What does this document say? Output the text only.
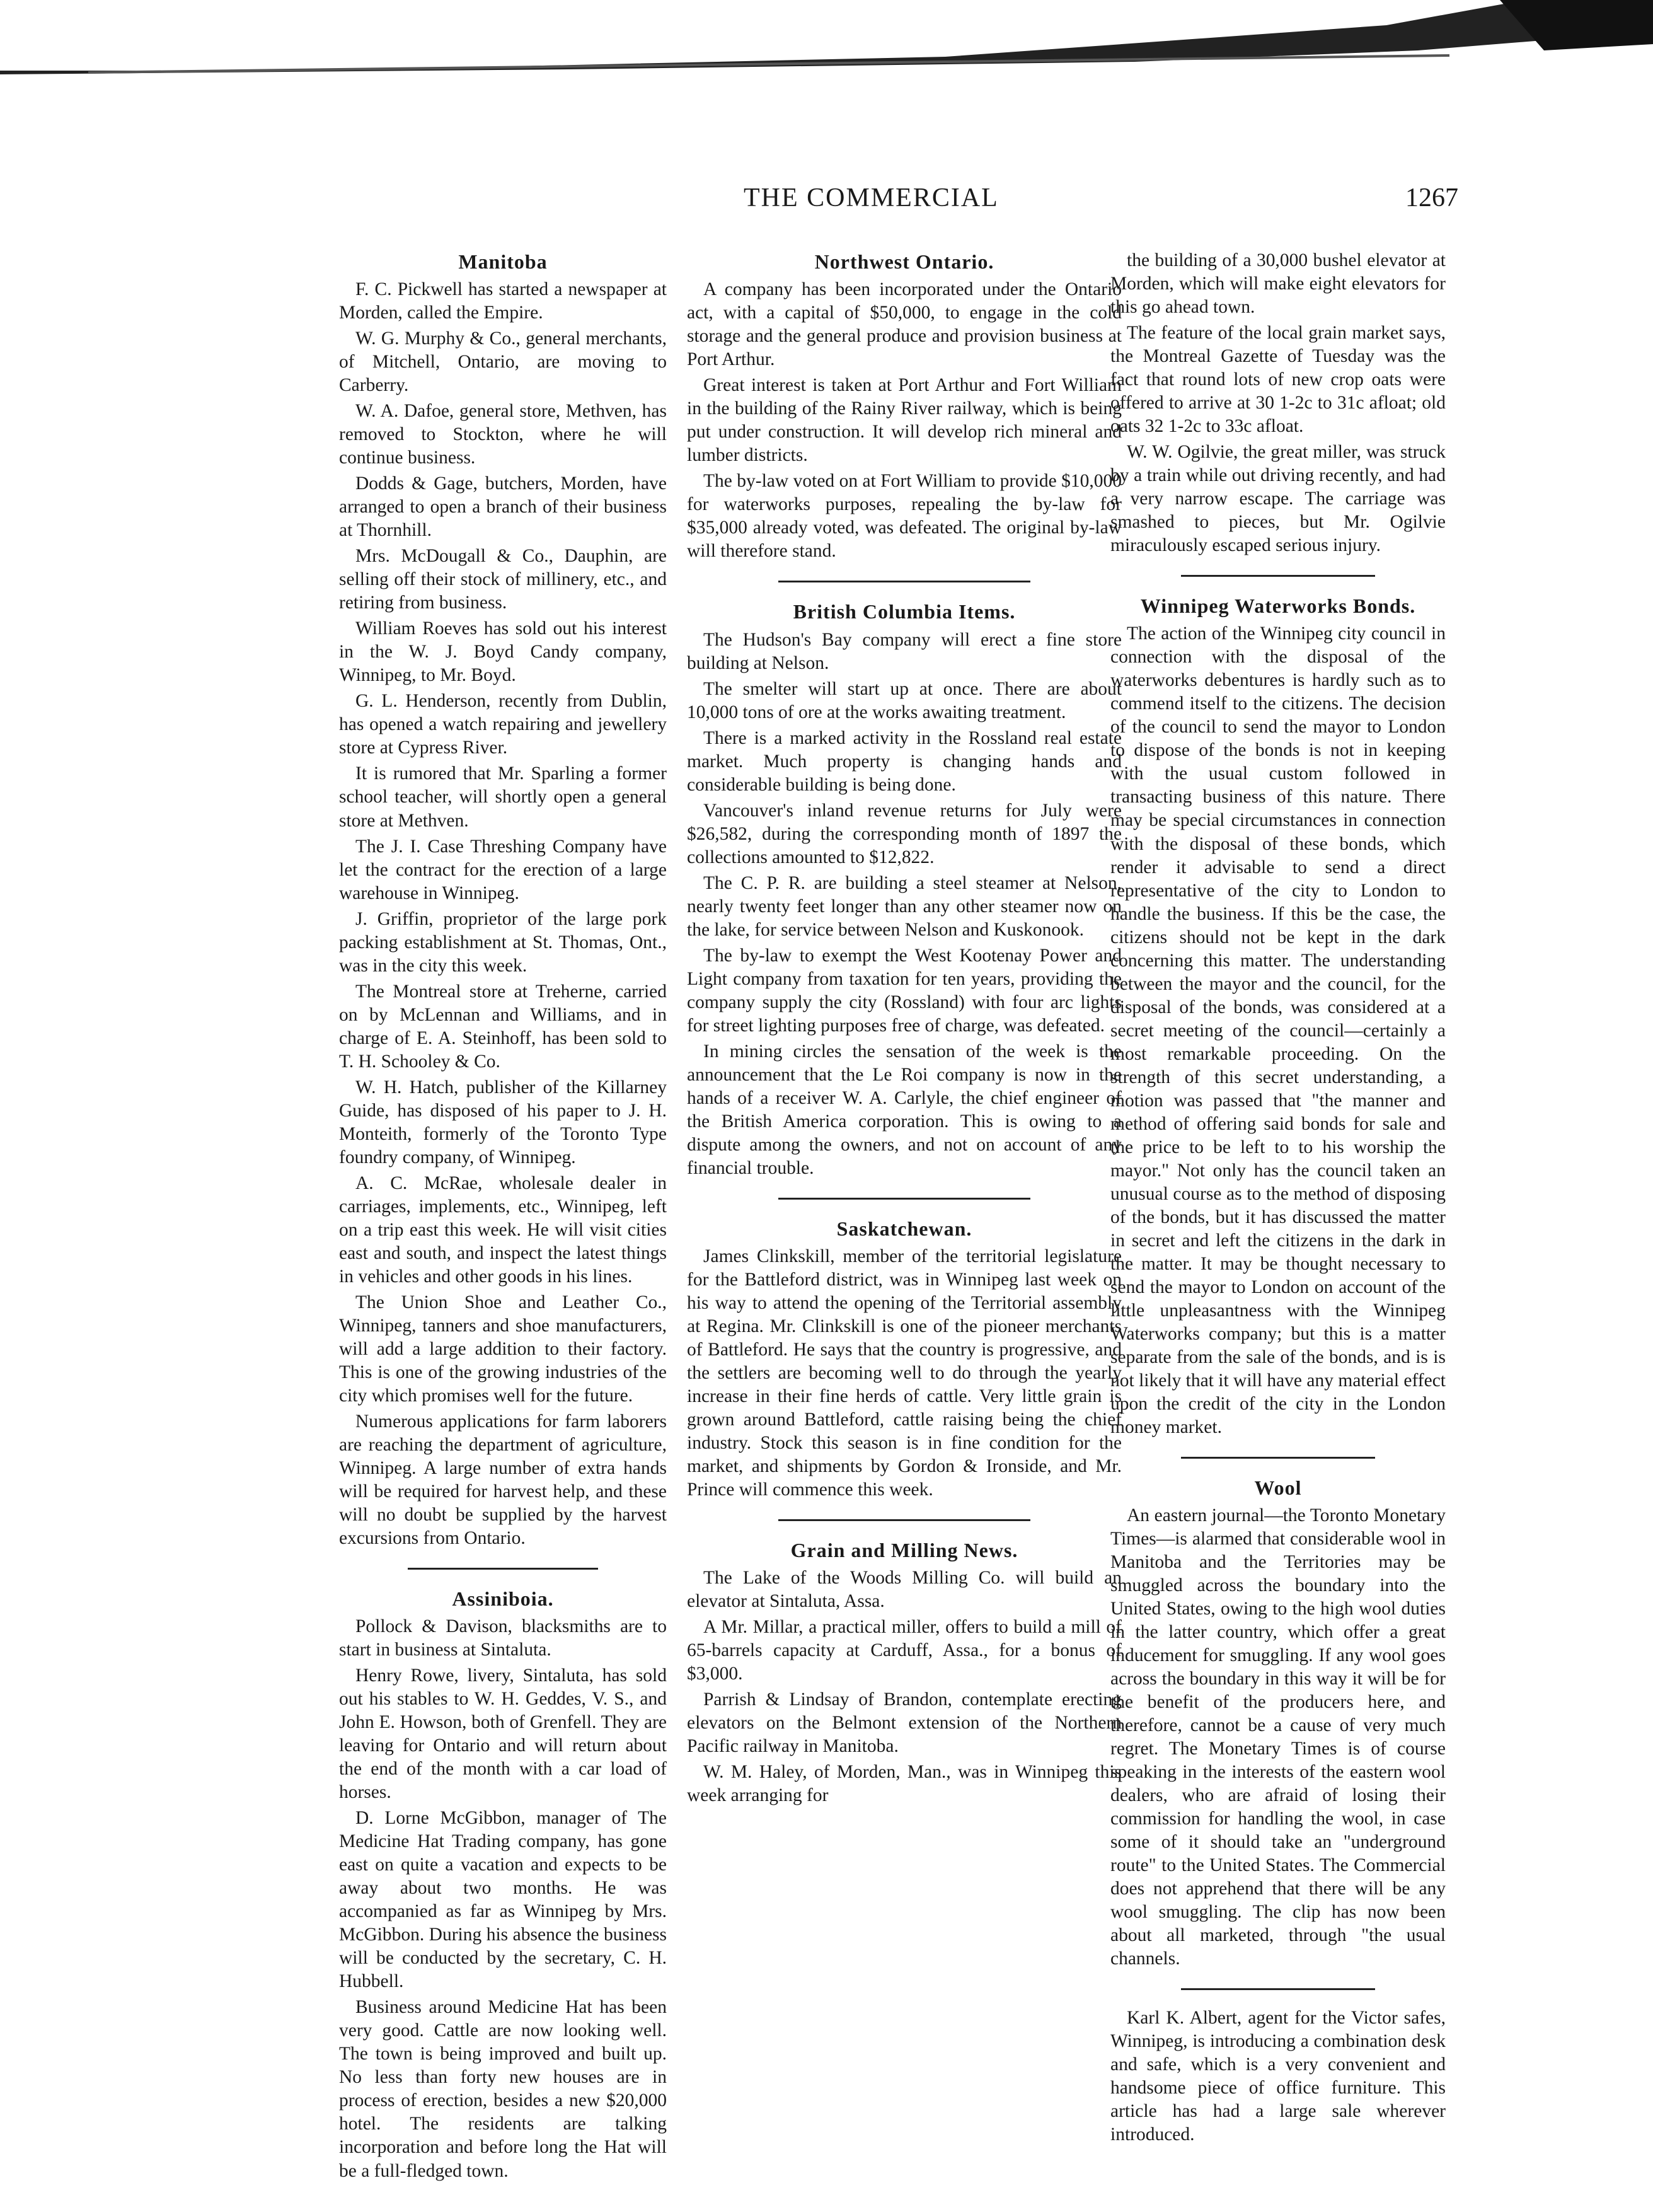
THE COMMERCIAL	1267
Manitoba

F. C. Pickwell has started a newspaper at Morden, called the Empire.

W. G. Murphy & Co., general merchants, of Mitchell, Ontario, are moving to Carberry.

W. A. Dafoe, general store, Methven, has removed to Stockton, where he will continue business.

Dodds & Gage, butchers, Morden, have arranged to open a branch of their business at Thornhill.

Mrs. McDougall & Co., Dauphin, are selling off their stock of millinery, etc., and retiring from business.

William Roeves has sold out his interest in the W. J. Boyd Candy company, Winnipeg, to Mr. Boyd.

G. L. Henderson, recently from Dublin, has opened a watch repairing and jewellery store at Cypress River.

It is rumored that Mr. Sparling a former school teacher, will shortly open a general store at Methven.

The J. I. Case Threshing Company have let the contract for the erection of a large warehouse in Winnipeg.

J. Griffin, proprietor of the large pork packing establishment at St. Thomas, Ont., was in the city this week.

The Montreal store at Treherne, carried on by McLennan and Williams, and in charge of E. A. Steinhoff, has been sold to T. H. Schooley & Co.

W. H. Hatch, publisher of the Killarney Guide, has disposed of his paper to J. H. Monteith, formerly of the Toronto Type foundry company, of Winnipeg.

A. C. McRae, wholesale dealer in carriages, implements, etc., Winnipeg, left on a trip east this week. He will visit cities east and south, and inspect the latest things in vehicles and other goods in his lines.

The Union Shoe and Leather Co., Winnipeg, tanners and shoe manufacturers, will add a large addition to their factory. This is one of the growing industries of the city which promises well for the future.

Numerous applications for farm laborers are reaching the department of agriculture, Winnipeg. A large number of extra hands will be required for harvest help, and these will no doubt be supplied by the harvest excursions from Ontario.

Assiniboia.

Pollock & Davison, blacksmiths are to start in business at Sintaluta.

Henry Rowe, livery, Sintaluta, has sold out his stables to W. H. Geddes, V. S., and John E. Howson, both of Grenfell. They are leaving for Ontario and will return about the end of the month with a car load of horses.

D. Lorne McGibbon, manager of The Medicine Hat Trading company, has gone east on quite a vacation and expects to be away about two months. He was accompanied as far as Winnipeg by Mrs. McGibbon. During his absence the business will be conducted by the secretary, C. H. Hubbell.

Business around Medicine Hat has been very good. Cattle are now looking well. The town is being improved and built up. No less than forty new houses are in process of erection, besides a new $20,000 hotel. The residents are talking incorporation and before long the Hat will be a full-fledged town.

Northwest Ontario.

A company has been incorporated under the Ontario act, with a capital of $50,000, to engage in the cold storage and the general produce and provision business at Port Arthur.

Great interest is taken at Port Arthur and Fort William in the building of the Rainy River railway, which is being put under construction. It will develop rich mineral and lumber districts.

The by-law voted on at Fort William to provide $10,000 for waterworks purposes, repealing the by-law for $35,000 already voted, was defeated. The original by-law will therefore stand.

British Columbia Items.

The Hudson's Bay company will erect a fine store building at Nelson.

The smelter will start up at once. There are about 10,000 tons of ore at the works awaiting treatment.

There is a marked activity in the Rossland real estate market. Much property is changing hands and considerable building is being done.

Vancouver's inland revenue returns for July were $26,582, during the corresponding month of 1897 the collections amounted to $12,822.

The C. P. R. are building a steel steamer at Nelson, nearly twenty feet longer than any other steamer now on the lake, for service between Nelson and Kuskonook.

The by-law to exempt the West Kootenay Power and Light company from taxation for ten years, providing the company supply the city (Rossland) with four arc lights for street lighting purposes free of charge, was defeated.

In mining circles the sensation of the week is the announcement that the Le Roi company is now in the hands of a receiver W. A. Carlyle, the chief engineer of the British America corporation. This is owing to a dispute among the owners, and not on account of any financial trouble.

Saskatchewan.

James Clinkskill, member of the territorial legislature for the Battleford district, was in Winnipeg last week on his way to attend the opening of the Territorial assembly at Regina. Mr. Clinkskill is one of the pioneer merchants of Battleford. He says that the country is progressive, and the settlers are becoming well to do through the yearly increase in their fine herds of cattle. Very little grain is grown around Battleford, cattle raising being the chief industry. Stock this season is in fine condition for the market, and shipments by Gordon & Ironside, and Mr. Prince will commence this week.

Grain and Milling News.

The Lake of the Woods Milling Co. will build an elevator at Sintaluta, Assa.

A Mr. Millar, a practical miller, offers to build a mill of 65-barrels capacity at Carduff, Assa., for a bonus of $3,000.

Parrish & Lindsay of Brandon, contemplate erecting elevators on the Belmont extension of the Northern Pacific railway in Manitoba.

W. M. Haley, of Morden, Man., was in Winnipeg this week arranging for

the building of a 30,000 bushel elevator at Morden, which will make eight elevators for this go ahead town.

The feature of the local grain market says, the Montreal Gazette of Tuesday was the fact that round lots of new crop oats were offered to arrive at 30 1-2c to 31c afloat; old oats 32 1-2c to 33c afloat.

W. W. Ogilvie, the great miller, was struck by a train while out driving recently, and had a very narrow escape. The carriage was smashed to pieces, but Mr. Ogilvie miraculously escaped serious injury.

Winnipeg Waterworks Bonds.

The action of the Winnipeg city council in connection with the disposal of the waterworks debentures is hardly such as to commend itself to the citizens. The decision of the council to send the mayor to London to dispose of the bonds is not in keeping with the usual custom followed in transacting business of this nature. There may be special circumstances in connection with the disposal of these bonds, which render it advisable to send a direct representative of the city to London to handle the business. If this be the case, the citizens should not be kept in the dark concerning this matter. The understanding between the mayor and the council, for the disposal of the bonds, was considered at a secret meeting of the council—certainly a most remarkable proceeding. On the strength of this secret understanding, a motion was passed that "the manner and method of offering said bonds for sale and the price to be left to to his worship the mayor." Not only has the council taken an unusual course as to the method of disposing of the bonds, but it has discussed the matter in secret and left the citizens in the dark in the matter. It may be thought necessary to send the mayor to London on account of the little unpleasantness with the Winnipeg Waterworks company; but this is a matter separate from the sale of the bonds, and is is not likely that it will have any material effect upon the credit of the city in the London money market.

Wool

An eastern journal—the Toronto Monetary Times—is alarmed that considerable wool in Manitoba and the Territories may be smuggled across the boundary into the United States, owing to the high wool duties in the latter country, which offer a great inducement for smuggling. If any wool goes across the boundary in this way it will be for the benefit of the producers here, and therefore, cannot be a cause of very much regret. The Monetary Times is of course speaking in the interests of the eastern wool dealers, who are afraid of losing their commission for handling the wool, in case some of it should take an "underground route" to the United States. The Commercial does not apprehend that there will be any wool smuggling. The clip has now been about all marketed, through "the usual channels.

Karl K. Albert, agent for the Victor safes, Winnipeg, is introducing a combination desk and safe, which is a very convenient and handsome piece of office furniture. This article has had a large sale wherever introduced.
